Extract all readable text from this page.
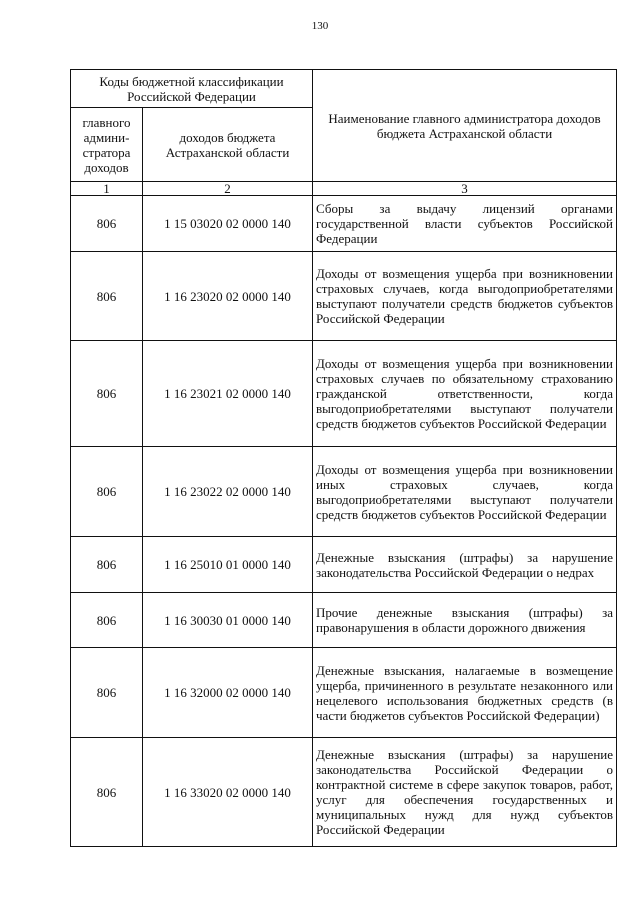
130
Коды бюджетной классификации Российской Федерации		Наименование главного администратора доходов бюджета Астраханской области
главного админи-стратора доходов	доходов бюджета Астраханской области	
1	2	3
806	1 15 03020 02 0000 140	Сборы за выдачу лицензий органами государственной власти субъектов Российской Федерации
806	1 16 23020 02 0000 140	Доходы от возмещения ущерба при возникновении страховых случаев, когда выгодоприобретателями выступают получатели средств бюджетов субъектов Российской Федерации
806	1 16 23021 02 0000 140	Доходы от возмещения ущерба при возникновении страховых случаев по обязательному страхованию гражданской ответственности, когда выгодоприобретателями выступают получатели средств бюджетов субъектов Российской Федерации
806	1 16 23022 02 0000 140	Доходы от возмещения ущерба при возникновении иных страховых случаев, когда выгодоприобретателями выступают получатели средств бюджетов субъектов Российской Федерации
806	1 16 25010 01 0000 140	Денежные взыскания (штрафы) за нарушение законодательства Российской Федерации о недрах
806	1 16 30030 01 0000 140	Прочие денежные взыскания (штрафы) за правонарушения в области дорожного движения
806	1 16 32000 02 0000 140	Денежные взыскания, налагаемые в возмещение ущерба, причиненного в результате незаконного или нецелевого использования бюджетных средств (в части бюджетов субъектов Российской Федерации)
806	1 16 33020 02 0000 140	Денежные взыскания (штрафы) за нарушение законодательства Российской Федерации о контрактной системе в сфере закупок товаров, работ, услуг для обеспечения государственных и муниципальных нужд для нужд субъектов Российской Федерации
